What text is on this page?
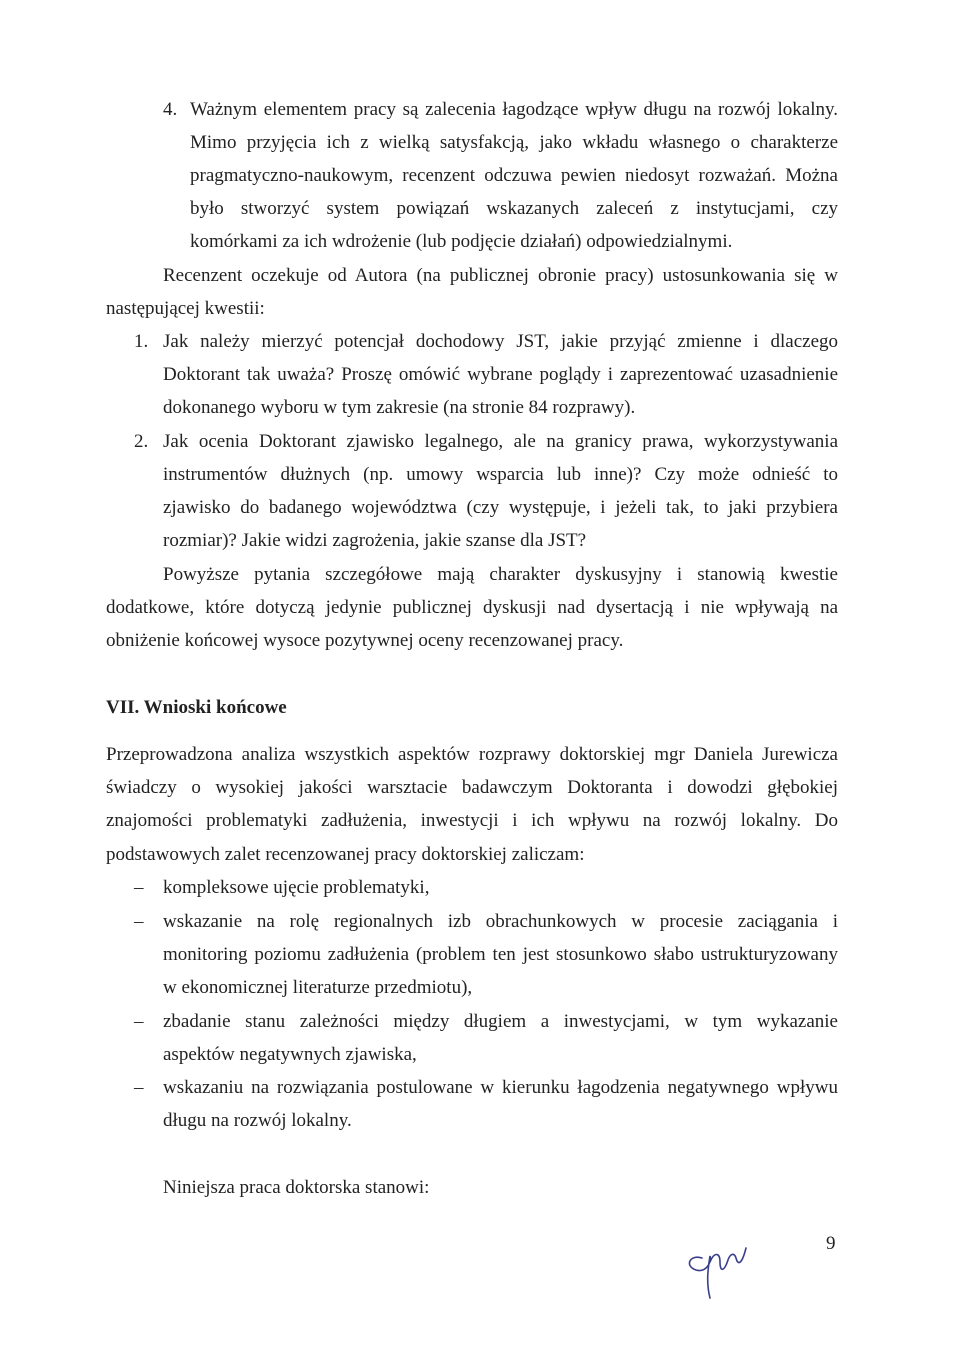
4. Ważnym elementem pracy są zalecenia łagodzące wpływ długu na rozwój lokalny.
Mimo przyjęcia ich z wielką satysfakcją, jako wkładu własnego o charakterze
pragmatyczno-naukowym, recenzent odczuwa pewien niedosyt rozważań. Można
było stworzyć system powiązań wskazanych zaleceń z instytucjami, czy
komórkami za ich wdrożenie (lub podjęcie działań) odpowiedzialnymi.
Recenzent oczekuje od Autora (na publicznej obronie pracy) ustosunkowania się w
następującej kwestii:
1. Jak należy mierzyć potencjał dochodowy JST, jakie przyjąć zmienne i dlaczego
Doktorant tak uważa? Proszę omówić wybrane poglądy i zaprezentować uzasadnienie
dokonanego wyboru w tym zakresie (na stronie 84 rozprawy).
2. Jak ocenia Doktorant zjawisko legalnego, ale na granicy prawa, wykorzystywania
instrumentów dłużnych (np. umowy wsparcia lub inne)? Czy może odnieść to
zjawisko do badanego województwa (czy występuje, i jeżeli tak, to jaki przybiera
rozmiar)? Jakie widzi zagrożenia, jakie szanse dla JST?
Powyższe pytania szczegółowe mają charakter dyskusyjny i stanowią kwestie
dodatkowe, które dotyczą jedynie publicznej dyskusji nad dysertacją i nie wpływają na
obniżenie końcowej wysoce pozytywnej oceny recenzowanej pracy.
VII. Wnioski końcowe
Przeprowadzona analiza wszystkich aspektów rozprawy doktorskiej mgr Daniela Jurewicza
świadczy o wysokiej jakości warsztacie badawczym Doktoranta i dowodzi głębokiej
znajomości problematyki zadłużenia, inwestycji i ich wpływu na rozwój lokalny. Do
podstawowych zalet recenzowanej pracy doktorskiej zaliczam:
– kompleksowe ujęcie problematyki,
– wskazanie na rolę regionalnych izb obrachunkowych w procesie zaciągania i
monitoring poziomu zadłużenia (problem ten jest stosunkowo słabo ustrukturyzowany
w ekonomicznej literaturze przedmiotu),
– zbadanie stanu zależności między długiem a inwestycjami, w tym wykazanie
aspektów negatywnych zjawiska,
– wskazaniu na rozwiązania postulowane w kierunku łagodzenia negatywnego wpływu
długu na rozwój lokalny.
Niniejsza praca doktorska stanowi:
9
